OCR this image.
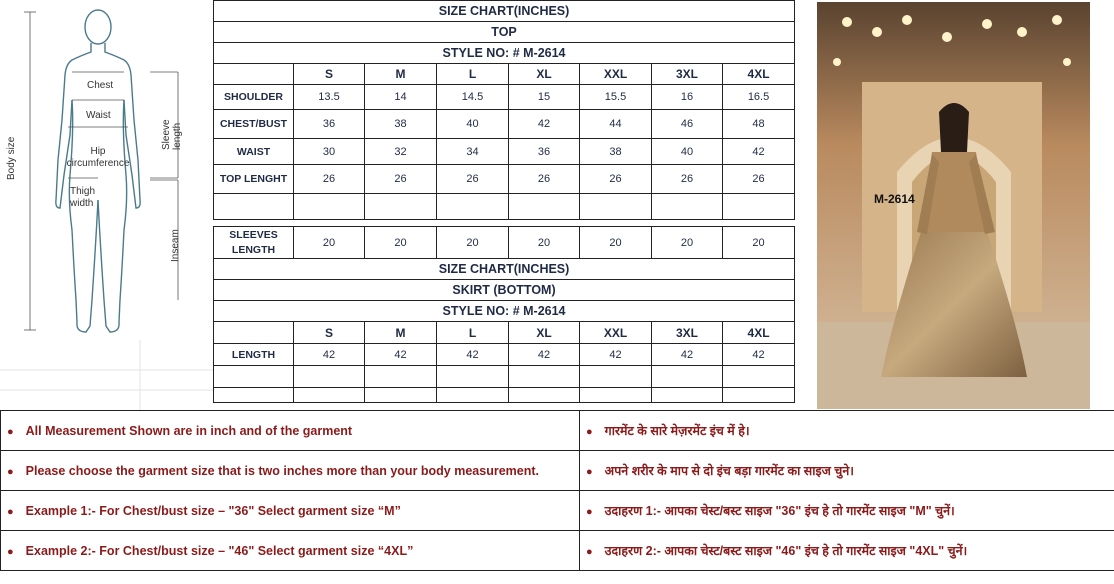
Chest
Waist
Hip circumference
Thigh width
Sleeve length
Body size
Inseam
SIZE CHART(INCHES)							
TOP							
STYLE NO: # M-2614							
	S	M	L	XL	XXL	3XL	4XL
SHOULDER	13.5	14	14.5	15	15.5	16	16.5
CHEST/BUST	36	38	40	42	44	46	48
WAIST	30	32	34	36	38	40	42
TOP LENGHT	26	26	26	26	26	26	26

SLEEVES
LENGTH	20	20	20	20	20	20	20
SIZE CHART(INCHES)							
SKIRT (BOTTOM)							
STYLE NO: # M-2614							
	S	M	L	XL	XXL	3XL	4XL
LENGTH	42	42	42	42	42	42	42

M-2614
● All Measurement Shown are in inch and of the garment	● गारमेंट के सारे मेज़रमेंट इंच में हे।
● Please choose the garment size that is two inches more than your body measurement.	● अपने शरीर के माप से दो इंच बड़ा गारमेंट का साइज चुने।
● Example 1:- For Chest/bust size – "36" Select garment size “M”	● उदाहरण 1:- आपका चेस्ट/बस्ट साइज "36" इंच हे तो गारमेंट साइज "M" चुनें।
● Example 2:- For Chest/bust size – "46" Select garment size “4XL”	● उदाहरण 2:- आपका चेस्ट/बस्ट साइज "46" इंच हे तो गारमेंट साइज "4XL" चुनें।
